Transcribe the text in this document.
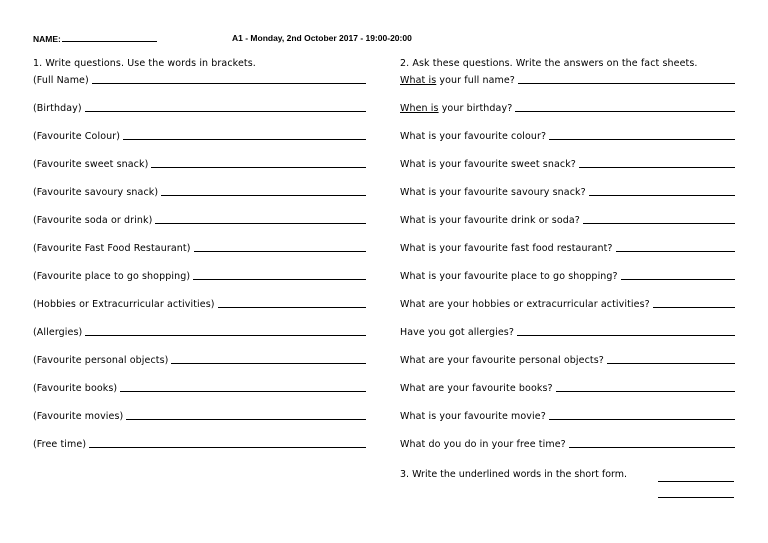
NAME:	A1 - Monday, 2nd October 2017 - 19:00-20:00
1. Write questions. Use the words in brackets.
(Full Name)
(Birthday)
(Favourite Colour)
(Favourite sweet snack)
(Favourite savoury snack)
(Favourite soda or drink)
(Favourite Fast Food Restaurant)
(Favourite place to go shopping)
(Hobbies or Extracurricular activities)
(Allergies)
(Favourite personal objects)
(Favourite books)
(Favourite movies)
(Free time)
2. Ask these questions. Write the answers on the fact sheets.
What is your full name?
When is your birthday?
What is your favourite colour?
What is your favourite sweet snack?
What is your favourite savoury snack?
What is your favourite drink or soda?
What is your favourite fast food restaurant?
What is your favourite place to go shopping?
What are your hobbies or extracurricular activities?
Have you got allergies?
What are your favourite personal objects?
What are your favourite books?
What is your favourite movie?
What do you do in your free time?
3. Write the underlined words in the short form.
